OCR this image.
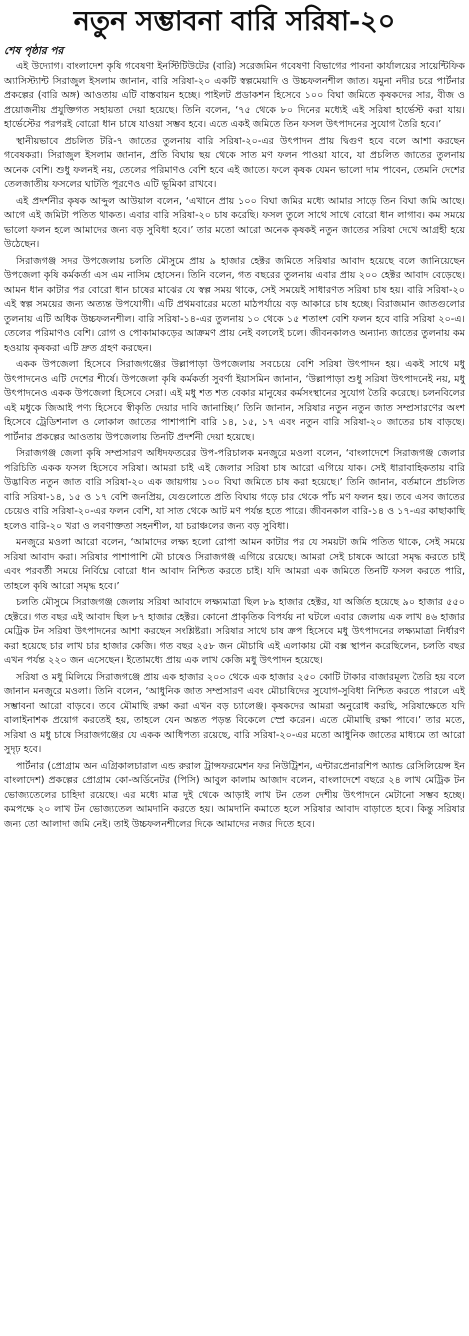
নতুন সম্ভাবনা বারি সরিষা-২০
শেষ পৃষ্ঠার পর

এই উদ্যোগ। বাংলাদেশ কৃষি গবেষণা ইনস্টিটিউটের (বারি) সরেজমিন গবেষণা বিভাগের পাবনা কার্যালয়ের সায়েন্টিফিক অ্যাসিস্ট্যান্ট সিরাজুল ইসলাম জানান, বারি সরিষা-২০ একটি স্বল্পমেয়াদি ও উচ্চফলনশীল জাত। যমুনা নদীর চরে পার্টনার প্রকল্পের (বারি অঙ্গ) আওতায় এটি বাস্তবায়ন হচ্ছে। পাইলট প্রডাকশন হিসেবে ১০০ বিঘা জমিতে কৃষকদের সার, বীজ ও প্রয়োজনীয় প্রযুক্তিগত সহায়তা দেয়া হয়েছে। তিনি বলেন, ‘৭৫ থেকে ৮০ দিনের মধ্যেই এই সরিষা হার্ভেস্ট করা যায়। হার্ভেস্টের পরপরই বোরো ধান চাষে যাওয়া সম্ভব হবে। এতে একই জমিতে তিন ফসল উৎপাদনের সুযোগ তৈরি হবে।’

স্থানীয়ভাবে প্রচলিত টরি-৭ জাতের তুলনায় বারি সরিষা-২০-এর উৎপাদন প্রায় দ্বিগুণ হবে বলে আশা করছেন গবেষকরা। সিরাজুল ইসলাম জানান, প্রতি বিঘায় ছয় থেকে সাত মণ ফলন পাওয়া যাবে, যা প্রচলিত জাতের তুলনায় অনেক বেশি। শুধু ফলনই নয়, তেলের পরিমাণও বেশি হবে এই জাতে। ফলে কৃষক যেমন ভালো দাম পাবেন, তেমনি দেশের তেলজাতীয় ফসলের ঘাটতি পূরণেও এটি ভূমিকা রাখবে।

এই প্রদর্শনীর কৃষক আব্দুল আউয়াল বলেন, ‘এখানে প্রায় ১০০ বিঘা জমির মধ্যে আমার সাড়ে তিন বিঘা জমি আছে। আগে এই জমিটা পতিত থাকত। এবার বারি সরিষা-২০ চাষ করেছি। ফসল তুলে সাথে সাথে বোরো ধান লাগাব। কম সময়ে ভালো ফলন হলে আমাদের জন্য বড় সুবিধা হবে।’ তার মতো আরো অনেক কৃষকই নতুন জাতের সরিষা দেখে আগ্রহী হয়ে উঠেছেন।

সিরাজগঞ্জ সদর উপজেলায় চলতি মৌসুমে প্রায় ৯ হাজার হেক্টর জমিতে সরিষার আবাদ হয়েছে বলে জানিয়েছেন উপজেলা কৃষি কর্মকর্তা এস এম নাসিম হোসেন। তিনি বলেন, গত বছরের তুলনায় এবার প্রায় ২০০ হেক্টর আবাদ বেড়েছে। আমন ধান কাটার পর বোরো ধান চাষের মাঝের যে স্বল্প সময় থাকে, সেই সময়েই সাধারণত সরিষা চাষ হয়। বারি সরিষা-২০ এই স্বল্প সময়ের জন্য অত্যন্ত উপযোগী। এটি প্রথমবারের মতো মাঠপর্যায়ে বড় আকারে চাষ হচ্ছে। বিরাজমান জাতগুলোর তুলনায় এটি অধিক উচ্চফলনশীল। বারি সরিষা-১৪-এর তুলনায় ১০ থেকে ১৫ শতাংশ বেশি ফলন হবে বারি সরিষা ২০-এ। তেলের পরিমাণও বেশি। রোগ ও পোকামাকড়ের আক্রমণ প্রায় নেই বললেই চলে। জীবনকালও অন্যান্য জাতের তুলনায় কম হওয়ায় কৃষকরা এটি দ্রুত গ্রহণ করছেন।

একক উপজেলা হিসেবে সিরাজগঞ্জের উল্লাপাড়া উপজেলায় সবচেয়ে বেশি সরিষা উৎপাদন হয়। একই সাথে মধু উৎপাদনেও এটি দেশের শীর্ষে। উপজেলা কৃষি কর্মকর্তা সুবর্ণা ইয়াসমিন জানান, ‘উল্লাপাড়া শুধু সরিষা উৎপাদনেই নয়, মধু উৎপাদনেও একক উপজেলা হিসেবে সেরা। এই মধু শত শত বেকার মানুষের কর্মসংস্থানের সুযোগ তৈরি করেছে। চলনবিলের এই মধুকে জিআই পণ্য হিসেবে স্বীকৃতি দেয়ার দাবি জানাচ্ছি।’ তিনি জানান, সরিষার নতুন নতুন জাত সম্প্রসারণের অংশ হিসেবে ট্রেডিশনাল ও লোকাল জাতের পাশাপাশি বারি ১৪, ১৫, ১৭ এবং নতুন বারি সরিষা-২০ জাতের চাষ বাড়ছে। পার্টনার প্রকল্পের আওতায় উপজেলায় তিনটি প্রদর্শনী দেয়া হয়েছে।

সিরাজগঞ্জ জেলা কৃষি সম্প্রসারণ অধিদফতরের উপ-পরিচালক মনজুরে মওলা বলেন, ‘বাংলাদেশে সিরাজগঞ্জ জেলার পরিচিতি একক ফসল হিসেবে সরিষা। আমরা চাই এই জেলার সরিষা চাষ আরো এগিয়ে যাক। সেই ধারাবাহিকতায় বারি উদ্ভাবিত নতুন জাত বারি সরিষা-২০ এক জায়গায় ১০০ বিঘা জমিতে চাষ করা হয়েছে।’ তিনি জানান, বর্তমানে প্রচলিত বারি সরিষা-১৪, ১৫ ও ১৭ বেশি জনপ্রিয়, যেগুলোতে প্রতি বিঘায় গড়ে চার থেকে পাঁচ মণ ফলন হয়। তবে এসব জাতের চেয়েও বারি সরিষা-২০-এর ফলন বেশি, যা সাত থেকে আট মণ পর্যন্ত হতে পারে। জীবনকাল বারি-১৪ ও ১৭-এর কাছাকাছি হলেও বারি-২০ খরা ও লবণাক্ততা সহনশীল, যা চরাঞ্চলের জন্য বড় সুবিধা।

মনজুরে মওলা আরো বলেন, ‘আমাদের লক্ষ্য হলো রোপা আমন কাটার পর যে সময়টা জমি পতিত থাকে, সেই সময়ে সরিষা আবাদ করা। সরিষার পাশাপাশি মৌ চাষেও সিরাজগঞ্জ এগিয়ে রয়েছে। আমরা সেই চাষকে আরো সমৃদ্ধ করতে চাই এবং পরবর্তী সময়ে নির্বিঘ্নে বোরো ধান আবাদ নিশ্চিত করতে চাই। যদি আমরা এক জমিতে তিনটি ফসল করতে পারি, তাহলে কৃষি আরো সমৃদ্ধ হবে।’

চলতি মৌসুমে সিরাজগঞ্জ জেলায় সরিষা আবাদে লক্ষ্যমাত্রা ছিল ৮৯ হাজার হেক্টর, যা অর্জিত হয়েছে ৯০ হাজার ৫৫০ হেক্টরে। গত বছর এই আবাদ ছিল ৮৭ হাজার হেক্টর। কোনো প্রাকৃতিক বিপর্যয় না ঘটলে এবার জেলায় এক লাখ ৪৬ হাজার মেট্রিক টন সরিষা উৎপাদনের আশা করছেন সংশ্লিষ্টরা। সরিষার সাথে চাষ ক্রপ হিসেবে মধু উৎপাদনের লক্ষ্যমাত্রা নির্ধারণ করা হয়েছে চার লাখ চার হাজার কেজি। গত বছর ২৫৮ জন মৌচাষি এই এলাকায় মৌ বক্স স্থাপন করেছিলেন, চলতি বছর এখন পর্যন্ত ২২০ জন এসেছেন। ইতোমধ্যে প্রায় এক লাখ কেজি মধু উৎপাদন হয়েছে।

সরিষা ও মধু মিলিয়ে সিরাজগঞ্জে প্রায় এক হাজার ২০০ থেকে এক হাজার ২৫০ কোটি টাকার বাজারমূল্য তৈরি হয় বলে জানান মনজুরে মওলা। তিনি বলেন, ‘আধুনিক জাত সম্প্রসারণ এবং মৌচাষিদের সুযোগ-সুবিধা নিশ্চিত করতে পারলে এই সম্ভাবনা আরো বাড়বে। তবে মৌমাছি রক্ষা করা এখন বড় চ্যালেঞ্জ। কৃষকদের আমরা অনুরোধ করছি, সরিষাক্ষেতে যদি বালাইনাশক প্রয়োগ করতেই হয়, তাহলে যেন অন্তত পড়ন্ত বিকেলে স্প্রে করেন। এতে মৌমাছি রক্ষা পাবে।’ তার মতে, সরিষা ও মধু চাষে সিরাজগঞ্জের যে একক আধিপত্য রয়েছে, বারি সরিষা-২০-এর মতো আধুনিক জাতের মাধ্যমে তা আরো সুদৃঢ় হবে।

পার্টনার (প্রোগ্রাম অন এগ্রিকালচারাল এন্ড রুরাল ট্রান্সফরমেশন ফর নিউট্রিশন, এন্টারপ্রেনারশিপ অ্যান্ড রেসিলিয়েন্স ইন বাংলাদেশ) প্রকল্পের প্রোগ্রাম কো-অর্ডিনেটর (পিসি) আবুল কালাম আজাদ বলেন, বাংলাদেশে বছরে ২৪ লাখ মেট্রিক টন ভোজ্যতেলের চাহিদা রয়েছে। এর মধ্যে মাত্র দুই থেকে আড়াই লাখ টন তেল দেশীয় উৎপাদনে মেটানো সম্ভব হচ্ছে। কমপক্ষে ২০ লাখ টন ভোজ্যতেল আমদানি করতে হয়। আমদানি কমাতে হলে সরিষার আবাদ বাড়াতে হবে। কিন্তু সরিষার জন্য তো আলাদা জমি নেই। তাই উচ্চফলনশীলের দিকে আমাদের নজর দিতে হবে।
